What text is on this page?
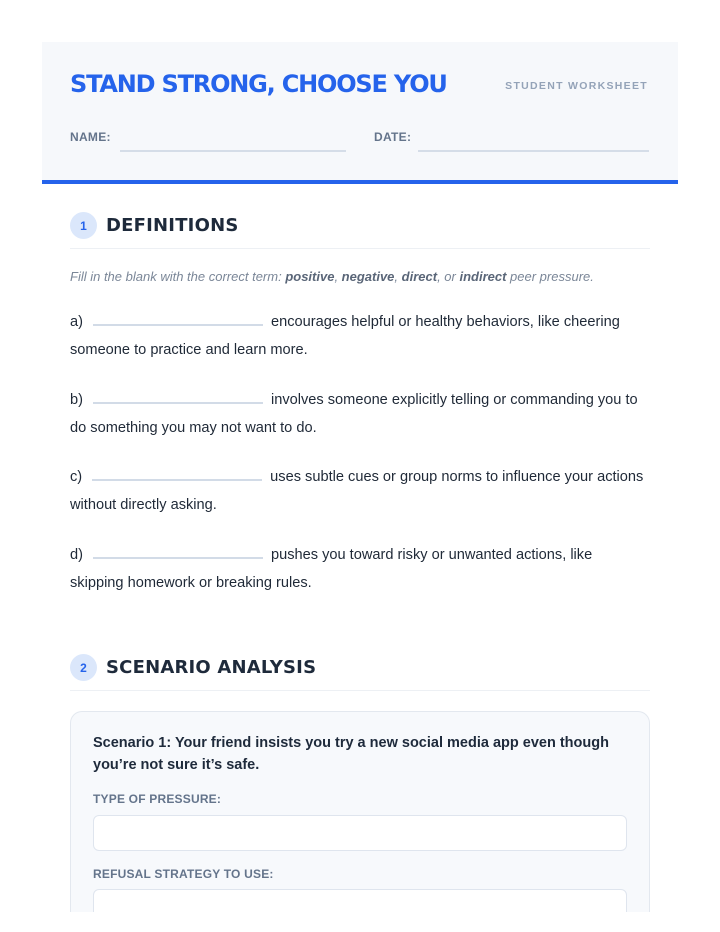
STAND STRONG, CHOOSE YOU	STUDENT WORKSHEET
NAME:	DATE:
1	DEFINITIONS
Fill in the blank with the correct term: positive, negative, direct, or indirect peer pressure.
a)	encourages helpful or healthy behaviors, like cheering someone to practice and learn more.
b)	involves someone explicitly telling or commanding you to do something you may not want to do.
c)	uses subtle cues or group norms to influence your actions without directly asking.
d)	pushes you toward risky or unwanted actions, like skipping homework or breaking rules.
2	SCENARIO ANALYSIS
Scenario 1: Your friend insists you try a new social media app even though you’re not sure it’s safe.
TYPE OF PRESSURE:
REFUSAL STRATEGY TO USE:
